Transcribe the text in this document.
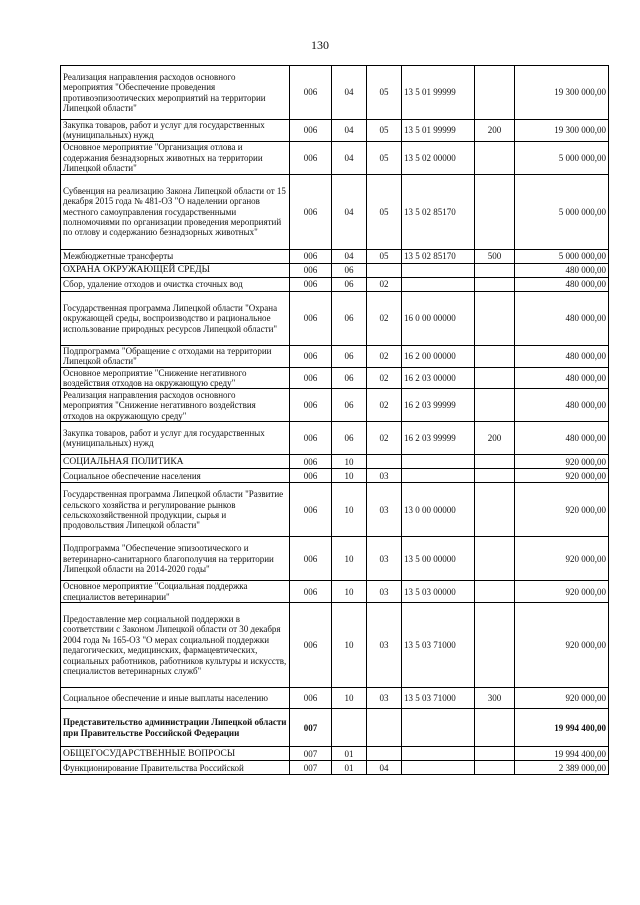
130
Реализация направления расходов основного мероприятия "Обеспечение проведения противоэпизоотических мероприятий на территории Липецкой области"	006	04	05	13 5 01 99999		19 300 000,00
Закупка товаров, работ и услуг для государственных (муниципальных) нужд	006	04	05	13 5 01 99999	200	19 300 000,00
Основное мероприятие "Организация отлова и содержания безнадзорных животных на территории Липецкой области"	006	04	05	13 5 02 00000		5 000 000,00
Субвенция на реализацию Закона Липецкой области от 15 декабря 2015 года № 481-ОЗ "О наделении органов местного самоуправления государственными полномочиями по организации проведения мероприятий по отлову и содержанию безнадзорных животных"	006	04	05	13 5 02 85170		5 000 000,00
Межбюджетные трансферты	006	04	05	13 5 02 85170	500	5 000 000,00
ОХРАНА ОКРУЖАЮЩЕЙ СРЕДЫ	006	06				480 000,00
Сбор, удаление отходов и очистка сточных вод	006	06	02			480 000,00
Государственная программа Липецкой области "Охрана окружающей среды, воспроизводство и рациональное использование природных ресурсов Липецкой области"	006	06	02	16 0 00 00000		480 000,00
Подпрограмма "Обращение с отходами на территории Липецкой области"	006	06	02	16 2 00 00000		480 000,00
Основное мероприятие "Снижение негативного воздействия отходов на окружающую среду"	006	06	02	16 2 03 00000		480 000,00
Реализация направления расходов основного мероприятия "Снижение негативного воздействия отходов на окружающую среду"	006	06	02	16 2 03 99999		480 000,00
Закупка товаров, работ и услуг для государственных (муниципальных) нужд	006	06	02	16 2 03 99999	200	480 000,00
СОЦИАЛЬНАЯ ПОЛИТИКА	006	10				920 000,00
Социальное обеспечение населения	006	10	03			920 000,00
Государственная программа Липецкой области "Развитие сельского хозяйства и регулирование рынков сельскохозяйственной продукции, сырья и продовольствия Липецкой области"	006	10	03	13 0 00 00000		920 000,00
Подпрограмма "Обеспечение эпизоотического и ветеринарно-санитарного благополучия на территории Липецкой области на 2014-2020 годы"	006	10	03	13 5 00 00000		920 000,00
Основное мероприятие "Социальная поддержка специалистов ветеринарии"	006	10	03	13 5 03 00000		920 000,00
Предоставление мер социальной поддержки в соответствии с Законом Липецкой области от 30 декабря 2004 года № 165-ОЗ "О мерах социальной поддержки педагогических, медицинских, фармацевтических, социальных работников, работников культуры и искусств, специалистов ветеринарных служб"	006	10	03	13 5 03 71000		920 000,00
Социальное обеспечение и иные выплаты населению	006	10	03	13 5 03 71000	300	920 000,00
Представительство администрации Липецкой области при Правительстве Российской Федерации	007					19 994 400,00
ОБЩЕГОСУДАРСТВЕННЫЕ ВОПРОСЫ	007	01				19 994 400,00
Функционирование Правительства Российской	007	01	04			2 389 000,00
